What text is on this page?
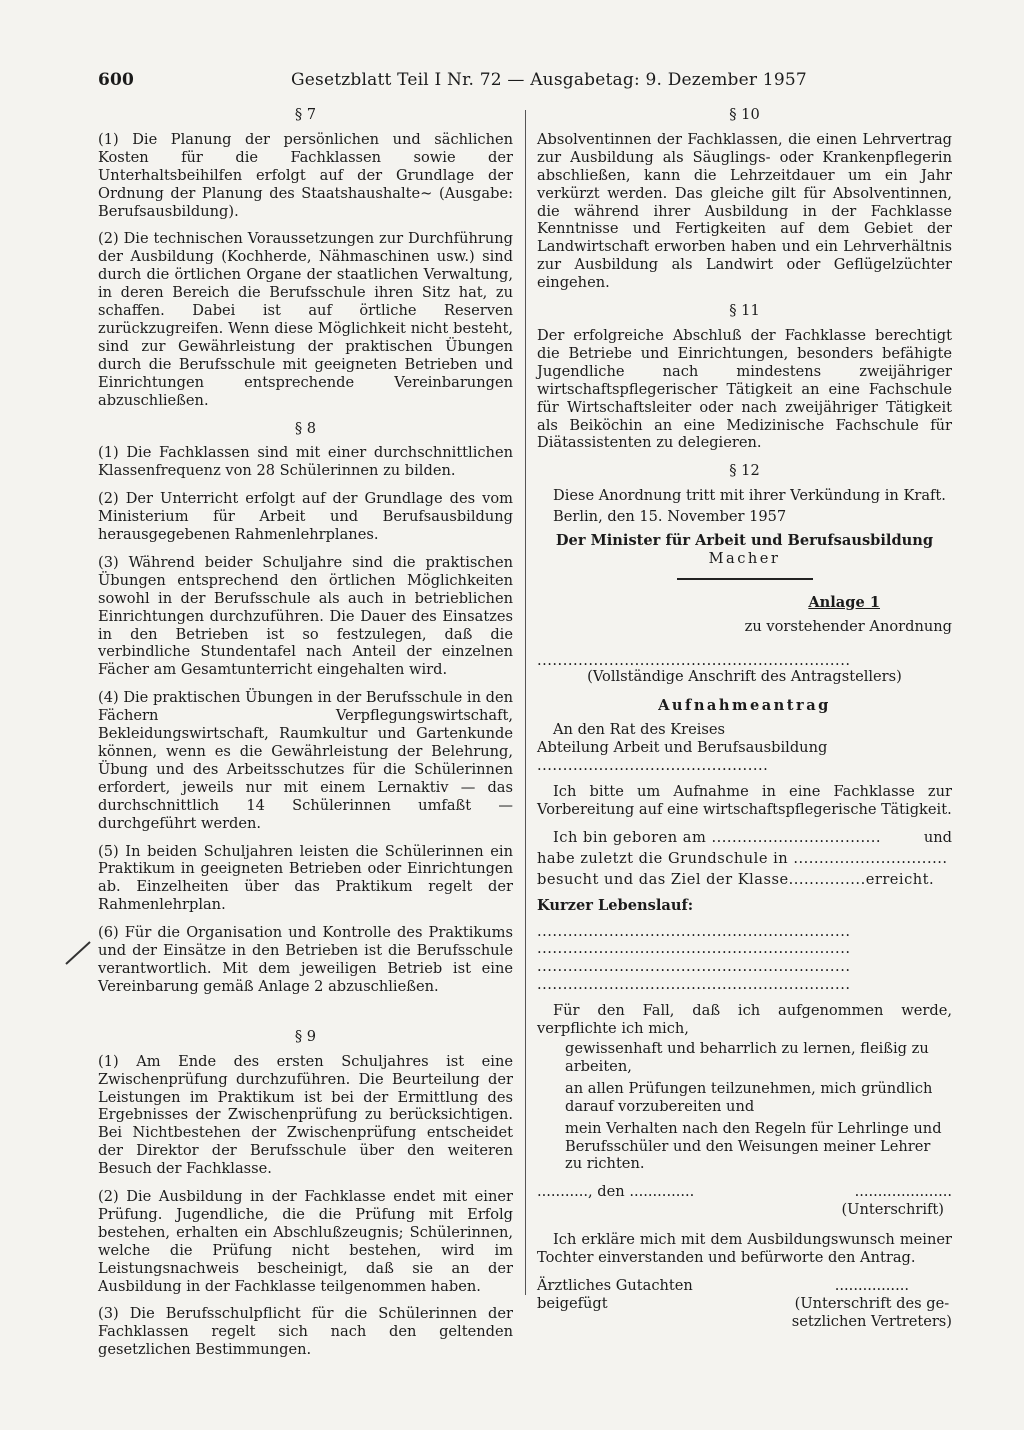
600	Gesetzblatt Teil I Nr. 72 — Ausgabetag: 9. Dezember 1957

§ 7

(1) Die Planung der persönlichen und sächlichen Kosten für die Fachklassen sowie der Unterhaltsbeihilfen erfolgt auf der Grundlage der Ordnung der Planung des Staatshaushalte~ (Ausgabe: Berufsausbildung).

(2) Die technischen Voraussetzungen zur Durchführung der Ausbildung (Kochherde, Nähmaschinen usw.) sind durch die örtlichen Organe der staatlichen Verwaltung, in deren Bereich die Berufsschule ihren Sitz hat, zu schaffen. Dabei ist auf örtliche Reserven zurückzugreifen. Wenn diese Möglichkeit nicht besteht, sind zur Gewährleistung der praktischen Übungen durch die Berufsschule mit geeigneten Betrieben und Einrichtungen entsprechende Vereinbarungen abzuschließen.

§ 8

(1) Die Fachklassen sind mit einer durchschnittlichen Klassenfrequenz von 28 Schülerinnen zu bilden.

(2) Der Unterricht erfolgt auf der Grundlage des vom Ministerium für Arbeit und Berufsausbildung herausgegebenen Rahmenlehrplanes.

(3) Während beider Schuljahre sind die praktischen Übungen entsprechend den örtlichen Möglichkeiten sowohl in der Berufsschule als auch in betrieblichen Einrichtungen durchzuführen. Die Dauer des Einsatzes in den Betrieben ist so festzulegen, daß die verbindliche Stundentafel nach Anteil der einzelnen Fächer am Gesamtunterricht eingehalten wird.

(4) Die praktischen Übungen in der Berufsschule in den Fächern Verpflegungswirtschaft, Bekleidungswirtschaft, Raumkultur und Gartenkunde können, wenn es die Gewährleistung der Belehrung, Übung und des Arbeitsschutzes für die Schülerinnen erfordert, jeweils nur mit einem Lernaktiv — das durchschnittlich 14 Schülerinnen umfaßt — durchgeführt werden.

(5) In beiden Schuljahren leisten die Schülerinnen ein Praktikum in geeigneten Betrieben oder Einrichtungen ab. Einzelheiten über das Praktikum regelt der Rahmenlehrplan.

(6) Für die Organisation und Kontrolle des Praktikums und der Einsätze in den Betrieben ist die Berufsschule verantwortlich. Mit dem jeweiligen Betrieb ist eine Vereinbarung gemäß Anlage 2 abzuschließen.

§ 9

(1) Am Ende des ersten Schuljahres ist eine Zwischenprüfung durchzuführen. Die Beurteilung der Leistungen im Praktikum ist bei der Ermittlung des Ergebnisses der Zwischenprüfung zu berücksichtigen. Bei Nichtbestehen der Zwischenprüfung entscheidet der Direktor der Berufsschule über den weiteren Besuch der Fachklasse.

(2) Die Ausbildung in der Fachklasse endet mit einer Prüfung. Jugendliche, die die Prüfung mit Erfolg bestehen, erhalten ein Abschlußzeugnis; Schülerinnen, welche die Prüfung nicht bestehen, wird im Leistungsnachweis bescheinigt, daß sie an der Ausbildung in der Fachklasse teilgenommen haben.

(3) Die Berufsschulpflicht für die Schülerinnen der Fachklassen regelt sich nach den geltenden gesetzlichen Bestimmungen.

§ 10

Absolventinnen der Fachklassen, die einen Lehrvertrag zur Ausbildung als Säuglings- oder Krankenpflegerin abschließen, kann die Lehrzeitdauer um ein Jahr verkürzt werden. Das gleiche gilt für Absolventinnen, die während ihrer Ausbildung in der Fachklasse Kenntnisse und Fertigkeiten auf dem Gebiet der Landwirtschaft erworben haben und ein Lehrverhältnis zur Ausbildung als Landwirt oder Geflügelzüchter eingehen.

§ 11

Der erfolgreiche Abschluß der Fachklasse berechtigt die Betriebe und Einrichtungen, besonders befähigte Jugendliche nach mindestens zweijähriger wirtschaftspflegerischer Tätigkeit an eine Fachschule für Wirtschaftsleiter oder nach zweijähriger Tätigkeit als Beiköchin an eine Medizinische Fachschule für Diätassistenten zu delegieren.

§ 12

Diese Anordnung tritt mit ihrer Verkündung in Kraft.

Berlin, den 15. November 1957

Der Minister für Arbeit und Berufsausbildung

Macher

Anlage 1

zu vorstehender Anordnung

.............................................................

(Vollständige Anschrift des Antragstellers)

Aufnahmeantrag

An den Rat des Kreises

Abteilung Arbeit und Berufsausbildung

.............................................

Ich bitte um Aufnahme in eine Fachklasse zur Vorbereitung auf eine wirtschaftspflegerische Tätigkeit.

Ich bin geboren am .................................	und

habe zuletzt die Grundschule in ..............................

besucht und das Ziel der Klasse...............erreicht.

Kurzer Lebenslauf:

.............................................................

.............................................................

.............................................................

.............................................................

Für den Fall, daß ich aufgenommen werde, verpflichte ich mich,

gewissenhaft und beharrlich zu lernen, fleißig zu arbeiten,

an allen Prüfungen teilzunehmen, mich gründlich darauf vorzubereiten und

mein Verhalten nach den Regeln für Lehrlinge und Berufsschüler und den Weisungen meiner Lehrer zu richten.

..........., den ..............	.....................

(Unterschrift)

Ich erkläre mich mit dem Ausbildungswunsch meiner Tochter einverstanden und befürworte den Antrag.

Ärztliches Gutachten
beigefügt
................
(Unterschrift des ge-
setzlichen Vertreters)
